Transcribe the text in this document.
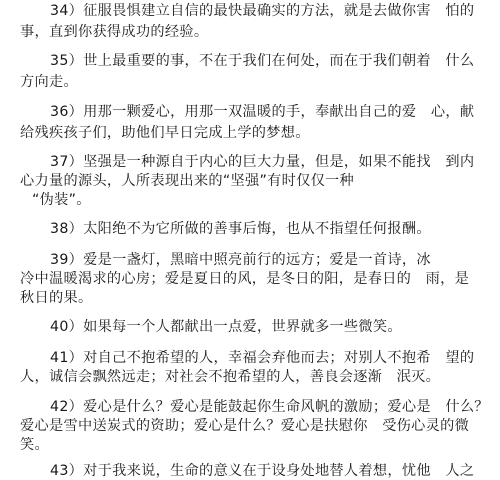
34）征服畏惧建立自信的最快最确实的方法，就是去做你害　怕的
事，直到你获得成功的经验。
35）世上最重要的事，不在于我们在何处，而在于我们朝着　什么
方向走。
36）用那一颗爱心，用那一双温暖的手，奉献出自己的爱　心，献
给残疾孩子们，助他们早日完成上学的梦想。
37）坚强是一种源自于内心的巨大力量，但是，如果不能找　到内
心力量的源头，人所表现出来的“坚强”有时仅仅一种
“伪装”。
38）太阳绝不为它所做的善事后悔，也从不指望任何报酬。
39）爱是一盏灯，黑暗中照亮前行的远方；爱是一首诗，冰
冷中温暖渴求的心房；爱是夏日的风，是冬日的阳，是春日的　雨，是
秋日的果。
40）如果每一个人都献出一点爱，世界就多一些微笑。
41）对自己不抱希望的人，幸福会弃他而去；对别人不抱希　望的
人，诚信会飘然远走；对社会不抱希望的人，善良会逐渐　泯灭。
42）爱心是什么？爱心是能鼓起你生命风帆的激励；爱心是　什么？
爱心是雪中送炭式的资助；爱心是什么？爱心是扶慰你　受伤心灵的微
笑。
43）对于我来说，生命的意义在于设身处地替人着想，忧他　人之
